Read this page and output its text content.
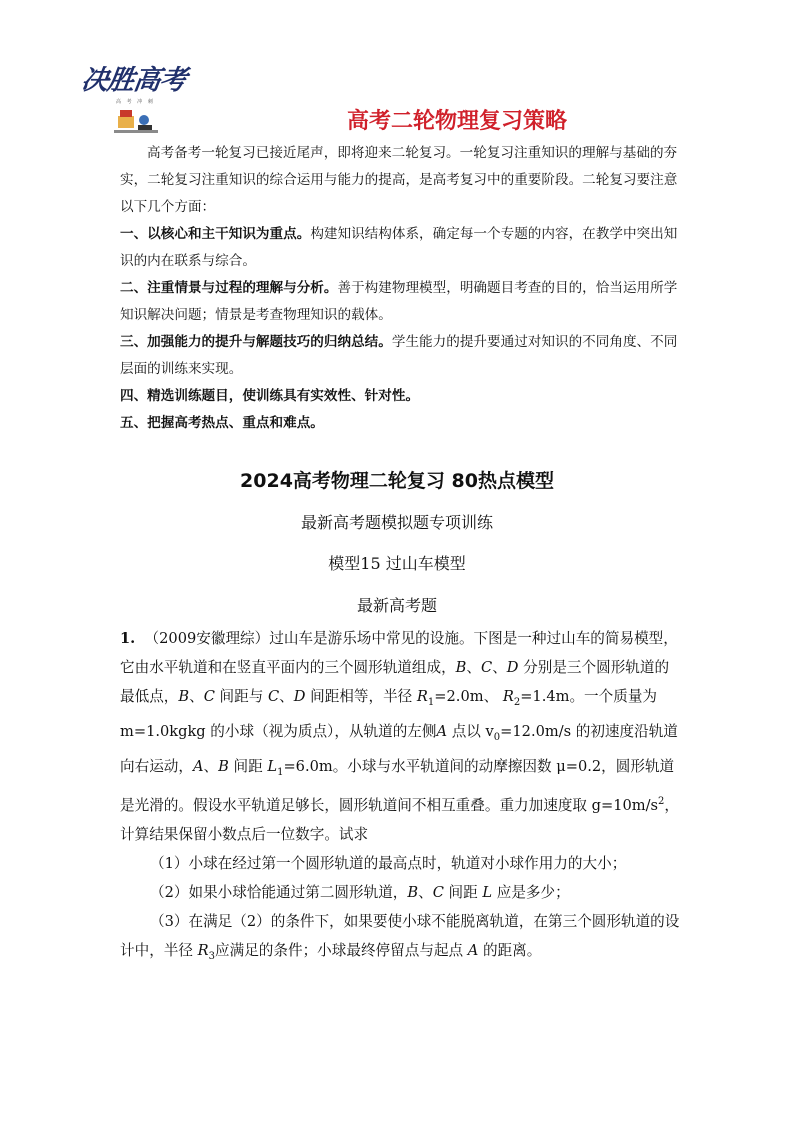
决胜高考
高 考 冲 刺
高考二轮物理复习策略

高考备考一轮复习已接近尾声，即将迎来二轮复习。一轮复习注重知识的理解与基础的夯实，二轮复习注重知识的综合运用与能力的提高，是高考复习中的重要阶段。二轮复习要注意以下几个方面：

一、以核心和主干知识为重点。构建知识结构体系，确定每一个专题的内容，在教学中突出知识的内在联系与综合。

二、注重情景与过程的理解与分析。善于构建物理模型，明确题目考查的目的，恰当运用所学知识解决问题；情景是考查物理知识的载体。

三、加强能力的提升与解题技巧的归纳总结。学生能力的提升要通过对知识的不同角度、不同层面的训练来实现。

四、精选训练题目，使训练具有实效性、针对性。

五、把握高考热点、重点和难点。

2024高考物理二轮复习 80热点模型
最新高考题模拟题专项训练
模型15 过山车模型
最新高考题

1. （2009安徽理综）过山车是游乐场中常见的设施。下图是一种过山车的简易模型，它由水平轨道和在竖直平面内的三个圆形轨道组成，B、C、D 分别是三个圆形轨道的最低点，B、C 间距与 C、D 间距相等，半径 $R_1=2.0m$、 $R_2=1.4m$。一个质量为 m=1.0kgkg 的小球（视为质点），从轨道的左侧A 点以 $v_0=12.0m/s$ 的初速度沿轨道向右运动，A、B 间距 $L_1=6.0m$。小球与水平轨道间的动摩擦因数 μ=0.2，圆形轨道是光滑的。假设水平轨道足够长，圆形轨道间不相互重叠。重力加速度取 $g=10m/s^2$，计算结果保留小数点后一位数字。试求

（1）小球在经过第一个圆形轨道的最高点时，轨道对小球作用力的大小；

（2）如果小球恰能通过第二圆形轨道，B、C 间距 L 应是多少；

（3）在满足（2）的条件下，如果要使小球不能脱离轨道，在第三个圆形轨道的设计中，半径 $R_3$应满足的条件；小球最终停留点与起点 A 的距离。
